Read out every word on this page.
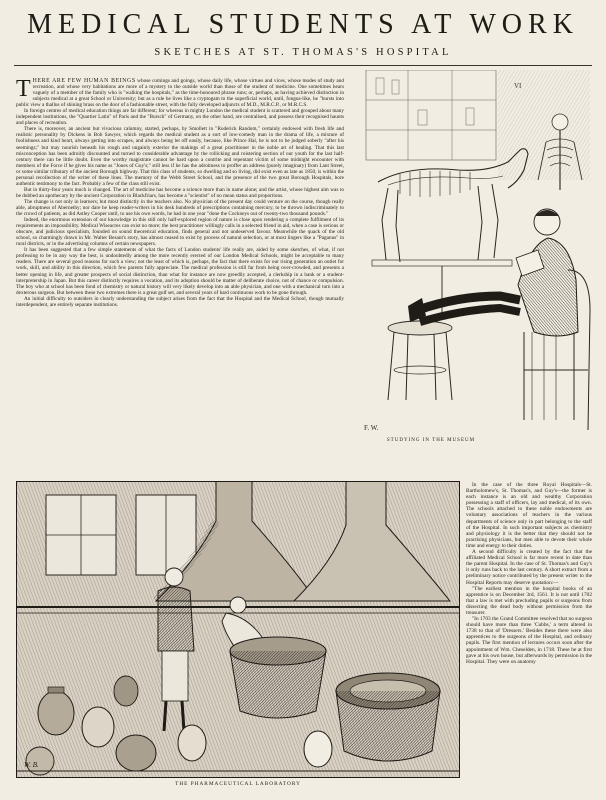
MEDICAL STUDENTS AT WORK
SKETCHES AT ST. THOMAS'S HOSPITAL
THERE ARE FEW HUMAN BEINGS whose comings and goings, whose daily life, whose virtues and vices, whose modes of study and recreation, and whose very habitations are more of a mystery to the outside world than those of the student of medicine. One sometimes hears vaguely of a member of the family who is "walking the hospitals," as the time-honoured phrase runs; or, perhaps, as having achieved distinction in subjects medical at a great School or University; but as a rule he lives like a cryptogam to the superficial world, until, fungus-like, he "bursts into public view a thallus of shining brass on the door of a fashionable street, with the fully developed adjuncts of M.D., M.R.C.P., or M.R.C.S.

In foreign centres of medical education things are far different; for whereas in mighty London the medical student is scattered and grouped about many independent institutions, the "Quartier Latin" of Paris and the "Bursch" of Germany, on the other hand, are centralised, and possess their recognised haunts and places of recreation.

There is, moreover, an ancient but vivacious calumny, started, perhaps, by Smollett in "Roderick Random," certainly endowed with fresh life and realistic personality by Dickens in Bob Sawyer, which regards the medical student as a sort of low-comedy man in the drama of life, a mixture of foolishness and kind heart, always getting into scrapes, and always being let off easily, because, like Prince Hal, he is not to be judged soberly "after his seemings;" but may nourish beneath his rough and ungainly exterior the makings of a great practitioner in the noble art of healing. That this last misconception has been adroitly discounted and turned to considerable advantage by the rollicking and roistering section of our youth for the last half-century there can be little doubt. Even the worthy magistrate cannot be hard upon a contrite and repentant victim of some midnight encounter with members of the Force if he gives his name as "Jones of Guy's;" still less if he has the adroitness to proffer an address (purely imaginary) from Lant Street, or some similar tributary of the ancient Borough highway. That this class of students, so dwelling and so living, did exist even as late as 1850, is within the personal recollection of the writer of these lines. The memory of the Webb Street School, and the presence of the two great Borough Hospitals, bore authentic testimony to the fact. Probably a few of the class still exist.

But in thirty-four years much is changed. The art of medicine has become a science more than in name alone; and the artist, whose highest aim was to be dubbed an apothecary by the ancient Corporation in Blackfriars, has become a "scientist" of no mean status and proportions.

The change is not only in learners; but most distinctly in the teachers also. No physician of the present day could venture on the course, though really able, abruptness of Abernethy; nor dare he keep reader-writers in his desk hundreds of prescriptions containing mercury, to be thrown indiscriminately to the crowd of patients, as did Astley Cooper until, to use his own words, he had in one year "done the Cockneys out of twenty-two thousand pounds."

Indeed, the enormous extension of our knowledge in this still only half-explored region of nature is close upon rendering a complete fulfilment of its requirements an impossibility. Medical Wiseacres can exist no more; the best practitioner willingly calls in a selected friend in aid, when a case is serious or obscure, and judicious specialism, founded on sound theoretical education, finds general and not undeserved favour. Meanwhile the quack of the old school, so charmingly drawn in Mr. Walter Besant's story, has almost ceased to exist by process of natural selection, or at most lingers like a "Paganus" in rural districts, or in the advertising columns of certain newspapers.

It has been suggested that a few simple statements of what the facts of London students' life really are, aided by some sketches, of what, if not professing to be in any way the best, is undoubtedly among the more recently erected of our London Medical Schools, might be acceptable to many readers. There are several good reasons for such a view; not the least of which is, perhaps, the fact that there exists for our rising generation an outlet for work, skill, and ability in this direction, which few parents fully appreciate. The medical profession is still far from being over-crowded, and presents a better opening in life, and greater prospects of social distinction, than what for instance are now greedily accepted, a clerkship in a bank or a student-interpretership in Japan. But this career distinctly requires a vocation, and its adoption should be matter of deliberate choice, not of chance or compulsion. The boy who at school has been fond of chemistry or natural history will very likely develop into an able physician, and one with a mechanical turn into a dexterous surgeon. But between these two extremes there is a great gulf set, and several years of hard continuous work to be gone through.

An initial difficulty to outsiders in clearly understanding the subject arises from the fact that the Hospital and the Medical School, though mutually interdependent, are entirely separate institutions.

VI
F. W.
STUDYING IN THE MUSEUM
W. B.
THE PHARMACEUTICAL LABORATORY

In the case of the three Royal Hospitals—St. Bartholomew's, St. Thomas's, and Guy's—the former is each instance is an old and wealthy Corporation possessing a staff of officers, lay and medical, of its own. The schools attached to these noble endowments are voluntary associations of teachers in the various departments of science only in part belonging to the staff of the Hospital. In such important subjects as chemistry and physiology it is the better that they should not be practising physicians, but men able to devote their whole time and energy to their duties.

A second difficulty is created by the fact that the affiliated Medical School is far more recent in date than the parent Hospital. In the case of St. Thomas's and Guy's it only runs back to the last century. A short extract from a preliminary notice contributed by the present writer to the Hospital Reports may deserve quotation:—

"The earliest mention in the hospital books of an apprentice is on December 3rd, 1561. It is not until 1702 that a law is met with precluding pupils or surgeons from dissecting the dead body without permission from the treasurer.

"In 1703 the Grand Committee resolved that no surgeon should have more than three 'Cubbs,' a term altered in 1738 to that of 'Dressers.' Besides these there were also apprentices to the surgeons of the Hospital, and ordinary pupils. The first mention of lectures occurs soon after the appointment of Wm. Cheselden, in 1718. These he at first gave at his own house, but afterwards by permission in the Hospital. They were on anatomy
